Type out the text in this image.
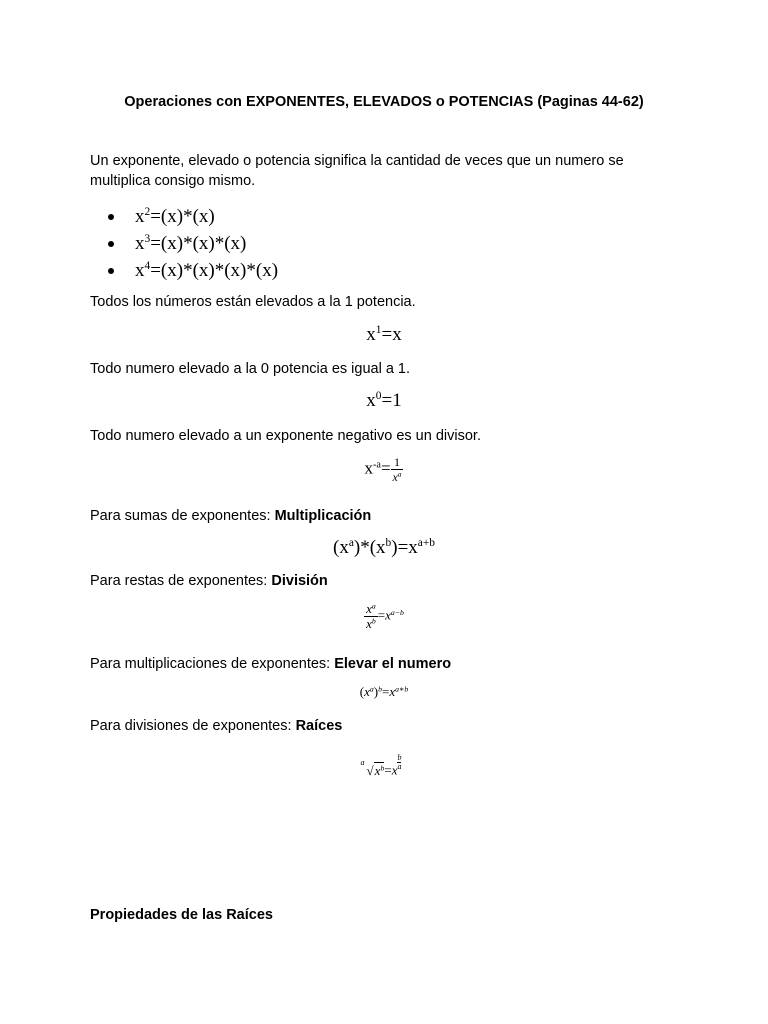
Operaciones con EXPONENTES, ELEVADOS o POTENCIAS (Paginas 44-62)
Un exponente, elevado o potencia significa la cantidad de veces que un numero se
multiplica consigo mismo.
$x^2=(x)*(x)$
$x^3=(x)*(x)*(x)$
$x^4=(x)*(x)*(x)*(x)$
Todos los números están elevados a la 1 potencia.
$x^1=x$
Todo numero elevado a la 0 potencia es igual a 1.
$x^0=1$
Todo numero elevado a un exponente negativo es un divisor.
$x^{-a}= \frac{1}{x^a}$
Para sumas de exponentes: Multiplicación
$(x^a)*(x^b)=x^{a+b}$
Para restas de exponentes: División
$\frac{x^a}{x^b} =x^{a-b}$
Para multiplicaciones de exponentes: Elevar el numero
$(x^a)^b=x^{a∗b}$
Para divisiones de exponentes: Raíces
a
$√x^b=x\frac{b}{a}$
Propiedades de las Raíces
